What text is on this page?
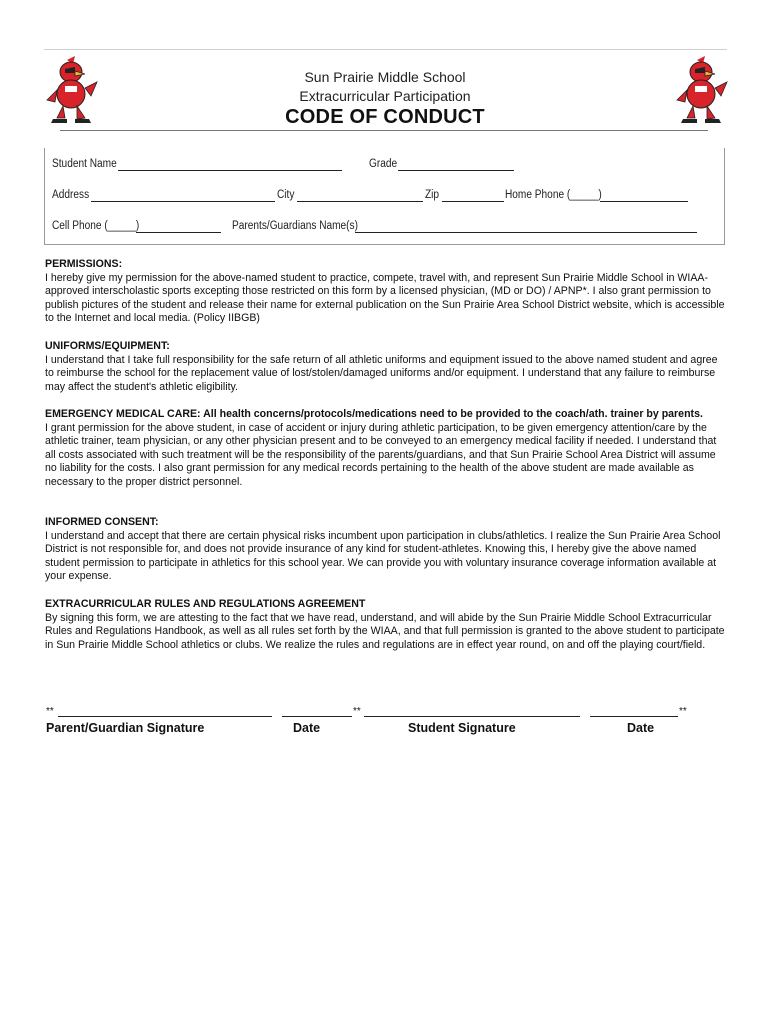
Sun Prairie Middle School
Extracurricular Participation
CODE OF CONDUCT
Student Name	Grade
Address	City	Zip	Home Phone (_____)
Cell Phone (_____)	Parents/Guardians Name(s)

PERMISSIONS:

I hereby give my permission for the above-named student to practice, compete, travel with, and represent Sun Prairie Middle School in WIAA-approved interscholastic sports excepting those restricted on this form by a licensed physician, (MD or DO) / APNP*. I also grant permission to publish pictures of the student and release their name for external publication on the Sun Prairie Area School District website, which is accessible to the Internet and local media. (Policy IIBGB)

UNIFORMS/EQUIPMENT:

I understand that I take full responsibility for the safe return of all athletic uniforms and equipment issued to the above named student and agree to reimburse the school for the replacement value of lost/stolen/damaged uniforms and/or equipment. I understand that any failure to reimburse may affect the student's athletic eligibility.

EMERGENCY MEDICAL CARE: All health concerns/protocols/medications need to be provided to the coach/ath. trainer by parents.

I grant permission for the above student, in case of accident or injury during athletic participation, to be given emergency attention/care by the athletic trainer, team physician, or any other physician present and to be conveyed to an emergency medical facility if needed. I understand that all costs associated with such treatment will be the responsibility of the parents/guardians, and that Sun Prairie School Area District will assume no liability for the costs. I also grant permission for any medical records pertaining to the health of the above student are made available as necessary to the proper district personnel.

INFORMED CONSENT:

I understand and accept that there are certain physical risks incumbent upon participation in clubs/athletics. I realize the Sun Prairie Area School District is not responsible for, and does not provide insurance of any kind for student-athletes. Knowing this, I hereby give the above named student permission to participate in athletics for this school year. We can provide you with voluntary insurance coverage information available at your expense.

EXTRACURRICULAR RULES AND REGULATIONS AGREEMENT

By signing this form, we are attesting to the fact that we have read, understand, and will abide by the Sun Prairie Middle School Extracurricular Rules and Regulations Handbook, as well as all rules set forth by the WIAA, and that full permission is granted to the above student to participate in Sun Prairie Middle School athletics or clubs. We realize the rules and regulations are in effect year round, on and off the playing court/field.

**	**	**
Parent/Guardian Signature	Date	Student Signature	Date
